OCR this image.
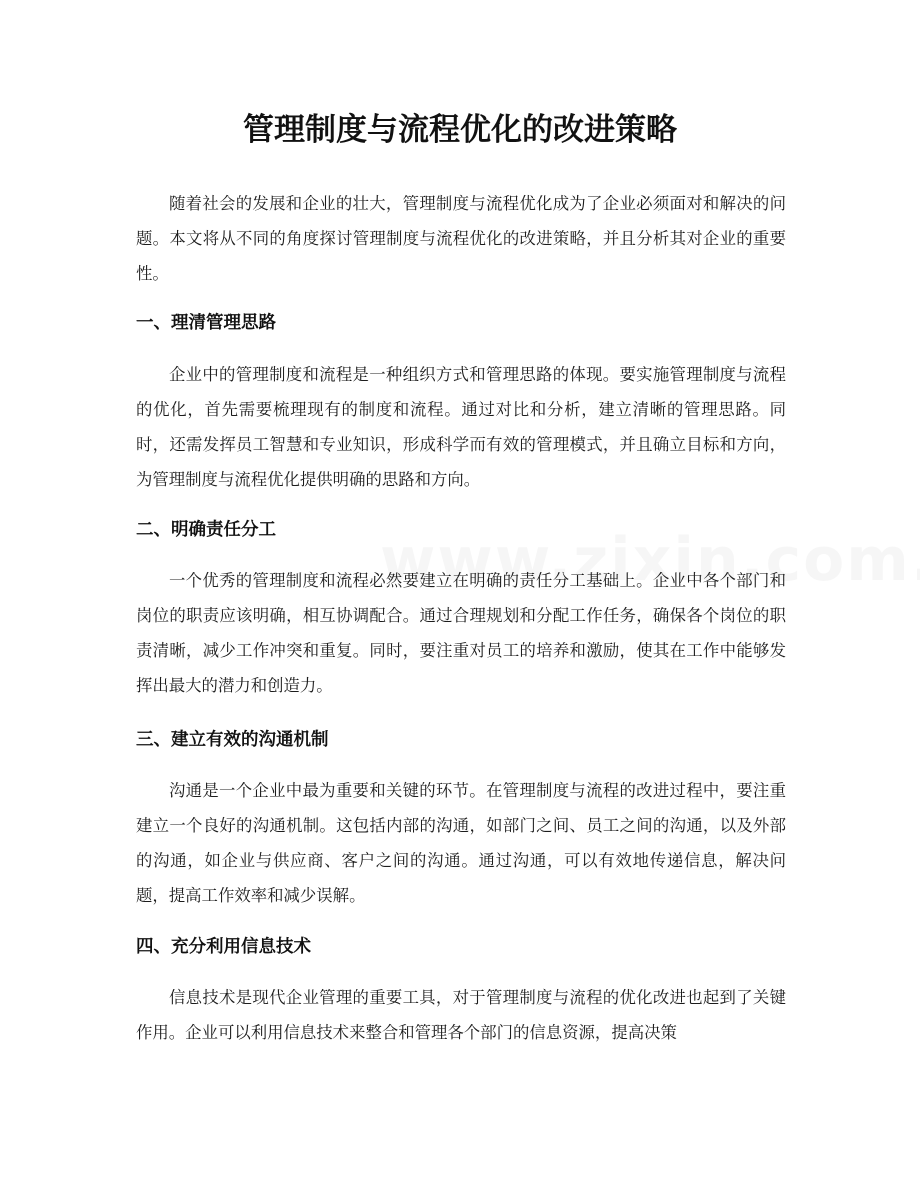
管理制度与流程优化的改进策略

随着社会的发展和企业的壮大，管理制度与流程优化成为了企业必须面对和解决的问题。本文将从不同的角度探讨管理制度与流程优化的改进策略，并且分析其对企业的重要性。

一、理清管理思路

企业中的管理制度和流程是一种组织方式和管理思路的体现。要实施管理制度与流程的优化，首先需要梳理现有的制度和流程。通过对比和分析，建立清晰的管理思路。同时，还需发挥员工智慧和专业知识，形成科学而有效的管理模式，并且确立目标和方向，为管理制度与流程优化提供明确的思路和方向。

二、明确责任分工

一个优秀的管理制度和流程必然要建立在明确的责任分工基础上。企业中各个部门和岗位的职责应该明确，相互协调配合。通过合理规划和分配工作任务，确保各个岗位的职责清晰，减少工作冲突和重复。同时，要注重对员工的培养和激励，使其在工作中能够发挥出最大的潜力和创造力。

三、建立有效的沟通机制

沟通是一个企业中最为重要和关键的环节。在管理制度与流程的改进过程中，要注重建立一个良好的沟通机制。这包括内部的沟通，如部门之间、员工之间的沟通，以及外部的沟通，如企业与供应商、客户之间的沟通。通过沟通，可以有效地传递信息，解决问题，提高工作效率和减少误解。

四、充分利用信息技术

信息技术是现代企业管理的重要工具，对于管理制度与流程的优化改进也起到了关键作用。企业可以利用信息技术来整合和管理各个部门的信息资源，提高决策
